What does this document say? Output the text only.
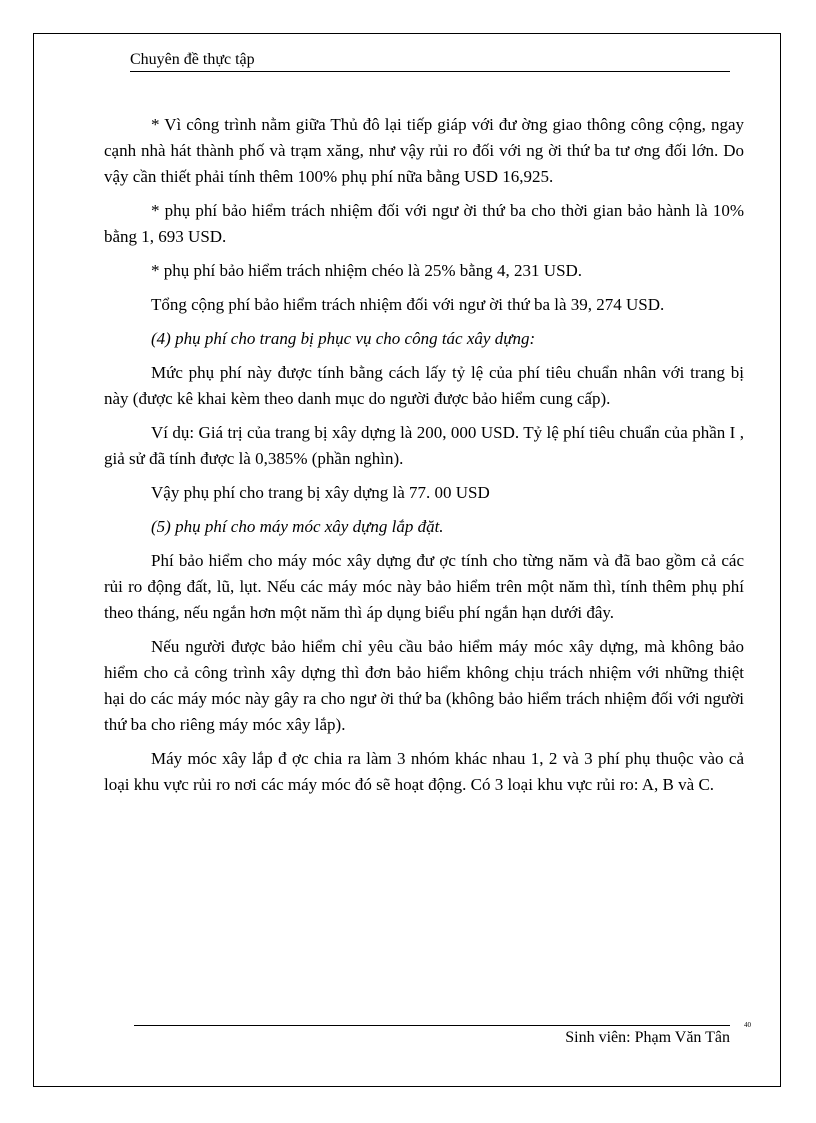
Chuyên đề thực tập

* Vì công trình nằm giữa Thủ đô lại tiếp giáp với đư ờng giao thông công cộng, ngay cạnh nhà hát thành phố và trạm xăng, như vậy rủi ro đối với ng ời thứ ba tư ơng đối lớn. Do vậy cần thiết phải tính thêm 100% phụ phí nữa bằng USD 16,925.

* phụ phí bảo hiểm trách nhiệm đối với ngư ời thứ ba cho thời gian bảo hành là 10% bằng 1, 693 USD.

* phụ phí bảo hiểm trách nhiệm chéo là 25% bằng 4, 231 USD.

Tổng cộng phí bảo hiểm trách nhiệm đối với ngư ời thứ ba là 39, 274 USD.

(4) phụ phí cho trang bị phục vụ cho công tác xây dựng:

Mức phụ phí này được tính bằng cách lấy tỷ lệ của phí tiêu chuẩn nhân với trang bị này (được kê khai kèm theo danh mục do người được bảo hiểm cung cấp).

Ví dụ: Giá trị của trang bị xây dựng là 200, 000 USD. Tỷ lệ phí tiêu chuẩn của phần I , giả sử đã tính được là 0,385% (phần nghìn).

Vậy phụ phí cho trang bị xây dựng là 77. 00 USD

(5) phụ phí cho máy móc xây dựng lắp đặt.

Phí bảo hiểm cho máy móc xây dựng đư ợc tính cho từng năm và đã bao gồm cả các rủi ro động đất, lũ, lụt. Nếu các máy móc này bảo hiểm trên một năm thì, tính thêm phụ phí theo tháng, nếu ngắn hơn một năm thì áp dụng biểu phí ngắn hạn dưới đây.

Nếu người được bảo hiểm chỉ yêu cầu bảo hiểm máy móc xây dựng, mà không bảo hiểm cho cả công trình xây dựng thì đơn bảo hiểm không chịu trách nhiệm với những thiệt hại do các máy móc này gây ra cho ngư ời thứ ba (không bảo hiểm trách nhiệm đối với người thứ ba cho riêng máy móc xây lắp).

Máy móc xây lắp đ ợc chia ra làm 3 nhóm khác nhau 1, 2 và 3 phí phụ thuộc vào cả loại khu vực rủi ro nơi các máy móc đó sẽ hoạt động. Có 3 loại khu vực rủi ro: A, B và C.

Sinh viên: Phạm Văn Tân
40
